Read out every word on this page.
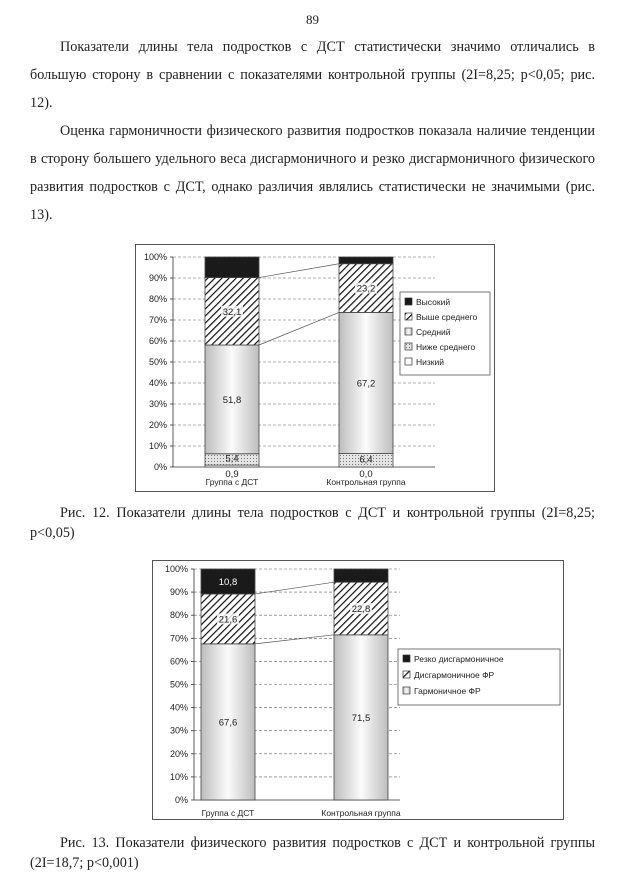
89
Показатели длины тела подростков с ДСТ статистически значимо отличались в большую сторону в сравнении с показателями контрольной группы (2I=8,25; p<0,05; рис. 12).
Оценка гармоничности физического развития подростков показала наличие тенденции в сторону большего удельного веса дисгармоничного и резко дисгармоничного физического развития подростков с ДСТ, однако различия являлись статистически не значимыми (рис. 13).
0%
10%
20%
30%
40%
50%
60%
70%
80%
90%
100%
0,9
5,4
51,8
32,1
Группа с ДСТ
0,0
6,4
67,2
23,2
Контрольная группа
Высокий
Выше среднего
Средний
Ниже среднего
Низкий
Рис. 12. Показатели длины тела подростков с ДСТ и контрольной группы (2I=8,25; p<0,05)
0%
10%
20%
30%
40%
50%
60%
70%
80%
90%
100%
67,6
21,6
10,8
Группа с ДСТ
71,5
22,8
Контрольная группа
Резко дисгармоничное
Дисгармоничное ФР
Гармоничное ФР
Рис. 13. Показатели физического развития подростков с ДСТ и контрольной группы (2I=18,7; p<0,001)
